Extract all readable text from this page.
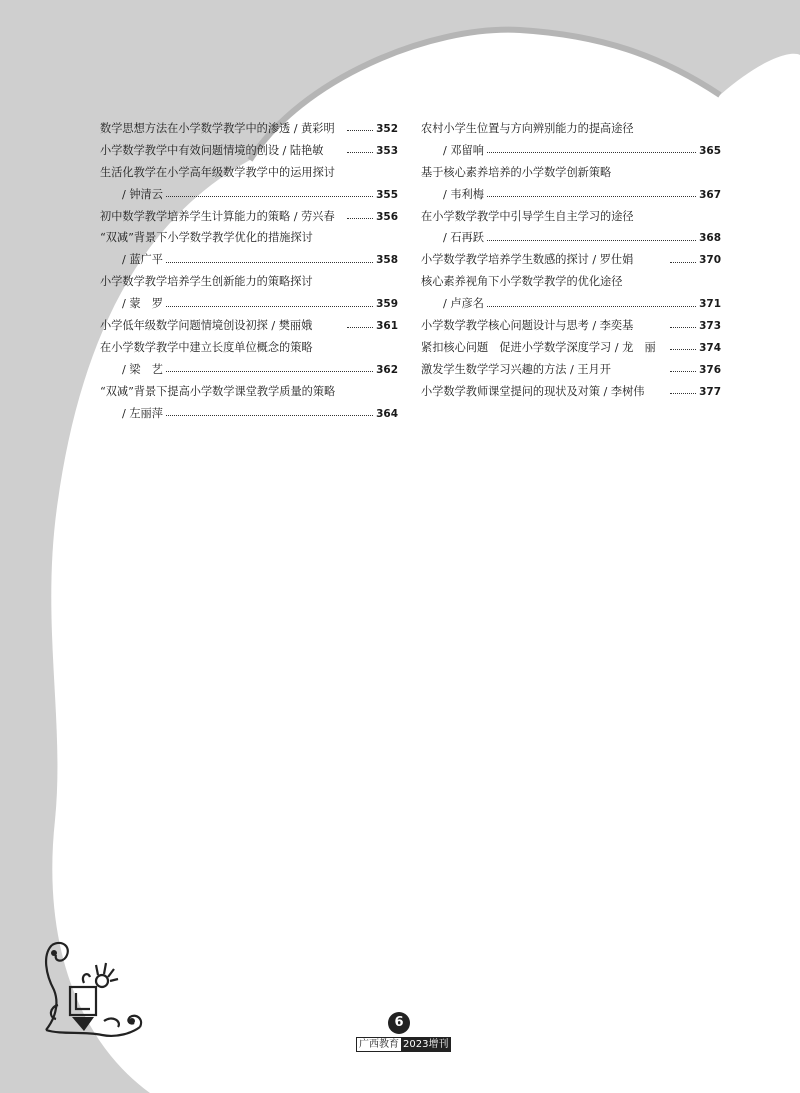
数学思想方法在小学数学教学中的渗透 / 黄彩明	352
小学数学教学中有效问题情境的创设 / 陆艳敏	353
生活化教学在小学高年级数学教学中的运用探讨
/ 钟清云	355
初中数学教学培养学生计算能力的策略 / 劳兴春	356
“双减”背景下小学数学教学优化的措施探讨
/ 蓝广平	358
小学数学教学培养学生创新能力的策略探讨
/ 蒙　罗	359
小学低年级数学问题情境创设初探 / 樊丽娥	361
在小学数学教学中建立长度单位概念的策略
/ 梁　艺	362
“双减”背景下提高小学数学课堂教学质量的策略
/ 左丽萍	364
农村小学生位置与方向辨别能力的提高途径
/ 邓留响	365
基于核心素养培养的小学数学创新策略
/ 韦利梅	367
在小学数学教学中引导学生自主学习的途径
/ 石再跃	368
小学数学教学培养学生数感的探讨 / 罗仕娟	370
核心素养视角下小学数学教学的优化途径
/ 卢彦名	371
小学数学教学核心问题设计与思考 / 李奕基	373
紧扣核心问题　促进小学数学深度学习 / 龙　丽	374
激发学生数学学习兴趣的方法 / 王月开	376
小学数学教师课堂提问的现状及对策 / 李树伟	377
6
广西教育 2023增刊
